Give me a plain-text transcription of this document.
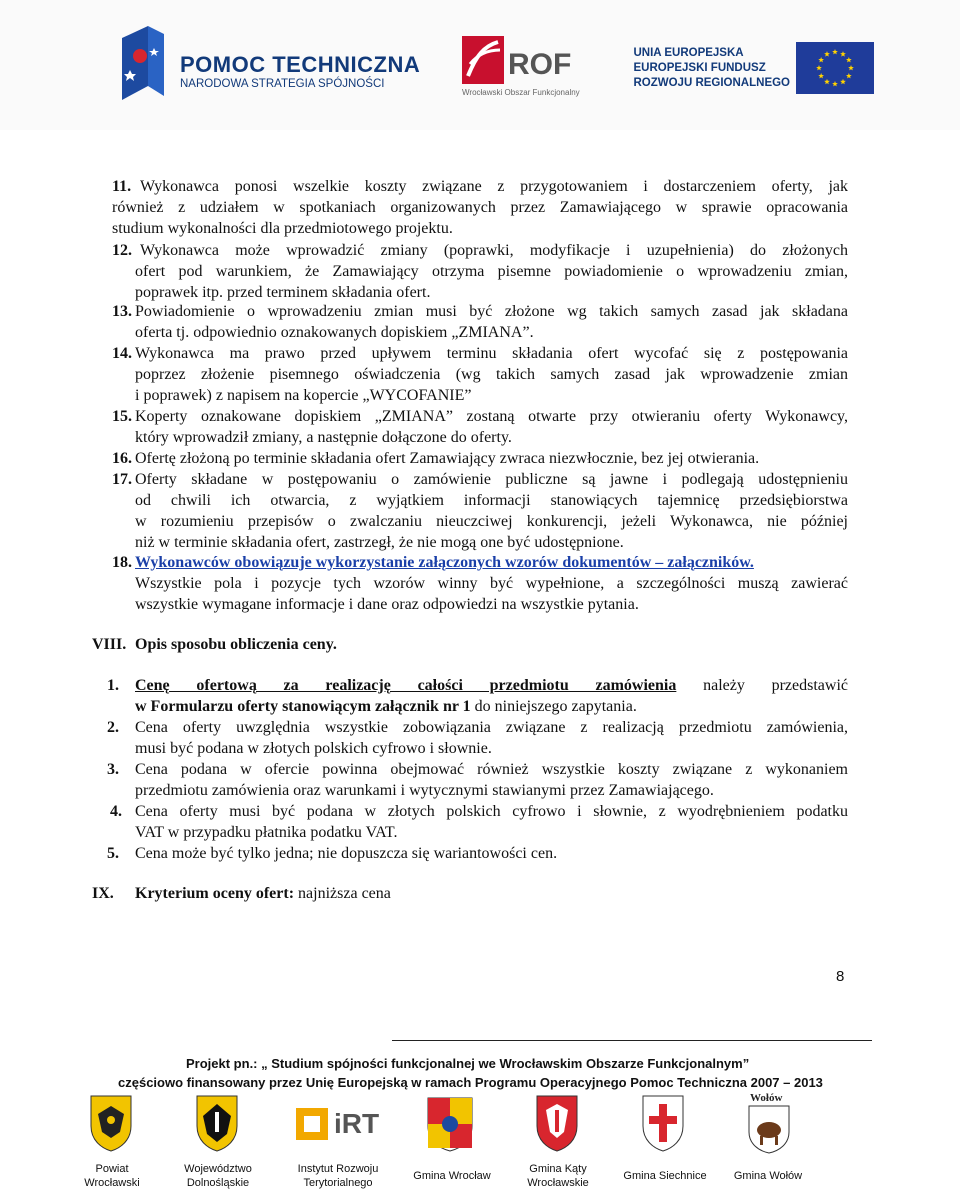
POMOC TECHNICZNA
NARODOWA STRATEGIA SPÓJNOŚCI
ROF
Wrocławski Obszar Funkcjonalny
UNIA EUROPEJSKA
EUROPEJSKI FUNDUSZ
ROZWOJU REGIONALNEGO
11. Wykonawca ponosi wszelkie koszty związane z przygotowaniem i dostarczeniem oferty, jak
również z udziałem w spotkaniach organizowanych przez Zamawiającego w sprawie opracowania
studium wykonalności dla przedmiotowego projektu.
12. Wykonawca może wprowadzić zmiany (poprawki, modyfikacje i uzupełnienia) do złożonych
ofert pod warunkiem, że Zamawiający otrzyma pisemne powiadomienie o wprowadzeniu zmian,
poprawek itp. przed terminem składania ofert.
13. Powiadomienie o wprowadzeniu zmian musi być złożone wg takich samych zasad jak składana
oferta tj. odpowiednio oznakowanych dopiskiem „ZMIANA”.
14. Wykonawca ma prawo przed upływem terminu składania ofert wycofać się z postępowania
poprzez złożenie pisemnego oświadczenia (wg takich samych zasad jak wprowadzenie zmian
i poprawek) z napisem na kopercie „WYCOFANIE”
15. Koperty oznakowane dopiskiem „ZMIANA” zostaną otwarte przy otwieraniu oferty Wykonawcy,
który wprowadził zmiany, a następnie dołączone do oferty.
16. Ofertę złożoną po terminie składania ofert Zamawiający zwraca niezwłocznie, bez jej otwierania.
17. Oferty składane w postępowaniu o zamówienie publiczne są jawne i podlegają udostępnieniu
od chwili ich otwarcia, z wyjątkiem informacji stanowiących tajemnicę przedsiębiorstwa
w rozumieniu przepisów o zwalczaniu nieuczciwej konkurencji, jeżeli Wykonawca, nie później
niż w terminie składania ofert, zastrzegł, że nie mogą one być udostępnione.
18. Wykonawców obowiązuje wykorzystanie załączonych wzorów dokumentów – załączników.
Wszystkie pola i pozycje tych wzorów winny być wypełnione, a szczególności muszą zawierać
wszystkie wymagane informacje i dane oraz odpowiedzi na wszystkie pytania.
VIII. Opis sposobu obliczenia ceny.
1. Cenę ofertową za realizację całości przedmiotu zamówienia należy przedstawić
w Formularzu oferty stanowiącym załącznik nr 1 do niniejszego zapytania.
2. Cena oferty uwzględnia wszystkie zobowiązania związane z realizacją przedmiotu zamówienia,
musi być podana w złotych polskich cyfrowo i słownie.
3. Cena podana w ofercie powinna obejmować również wszystkie koszty związane z wykonaniem
przedmiotu zamówienia oraz warunkami i wytycznymi stawianymi przez Zamawiającego.
4. Cena oferty musi być podana w złotych polskich cyfrowo i słownie, z wyodrębnieniem podatku
VAT w przypadku płatnika podatku VAT.
5. Cena może być tylko jedna; nie dopuszcza się wariantowości cen.
IX. Kryterium oceny ofert: najniższa cena
8
Projekt pn.: „ Studium spójności funkcjonalnej we Wrocławskim Obszarze Funkcjonalnym”
częściowo finansowany przez Unię Europejską w ramach Programu Operacyjnego Pomoc Techniczna 2007 – 2013
iRT
Wołów
Powiat
Wrocławski
Województwo
Dolnośląskie
Instytut Rozwoju
Terytorialnego
Gmina Wrocław
Gmina Kąty
Wrocławskie
Gmina Siechnice	Gmina Wołów
